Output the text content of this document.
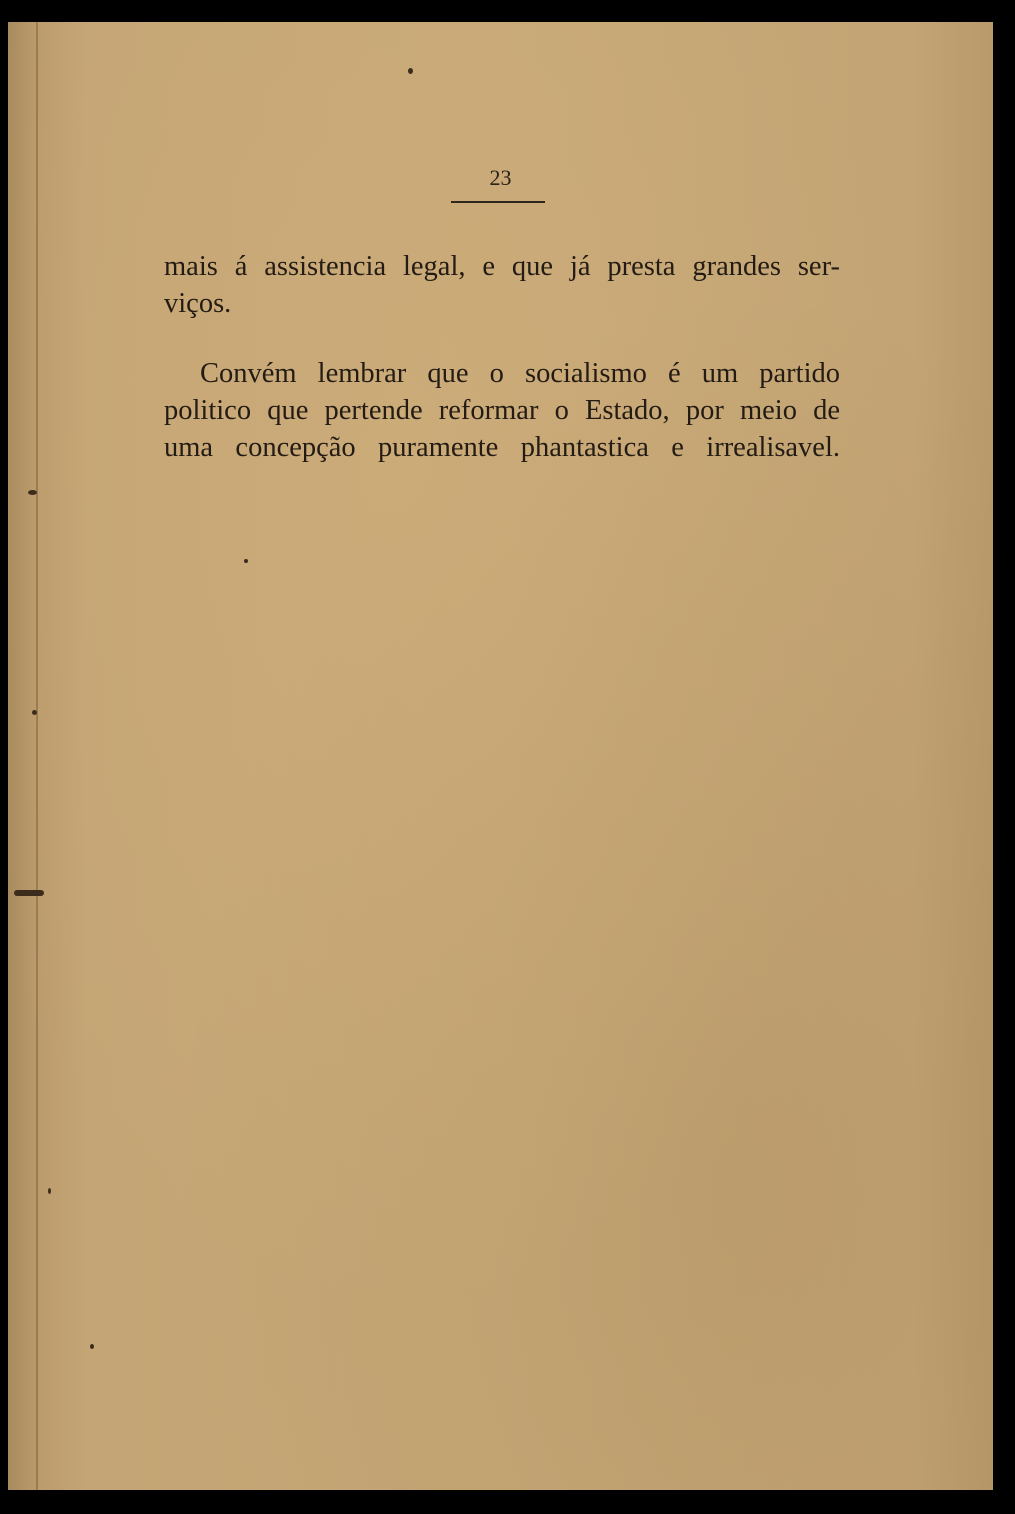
23

mais á assistencia legal, e que já presta grandes ser-
viços.

Convém lembrar que o socialismo é um partido
politico que pertende reformar o Estado, por meio de
uma concepção puramente phantastica e irrealisavel.
